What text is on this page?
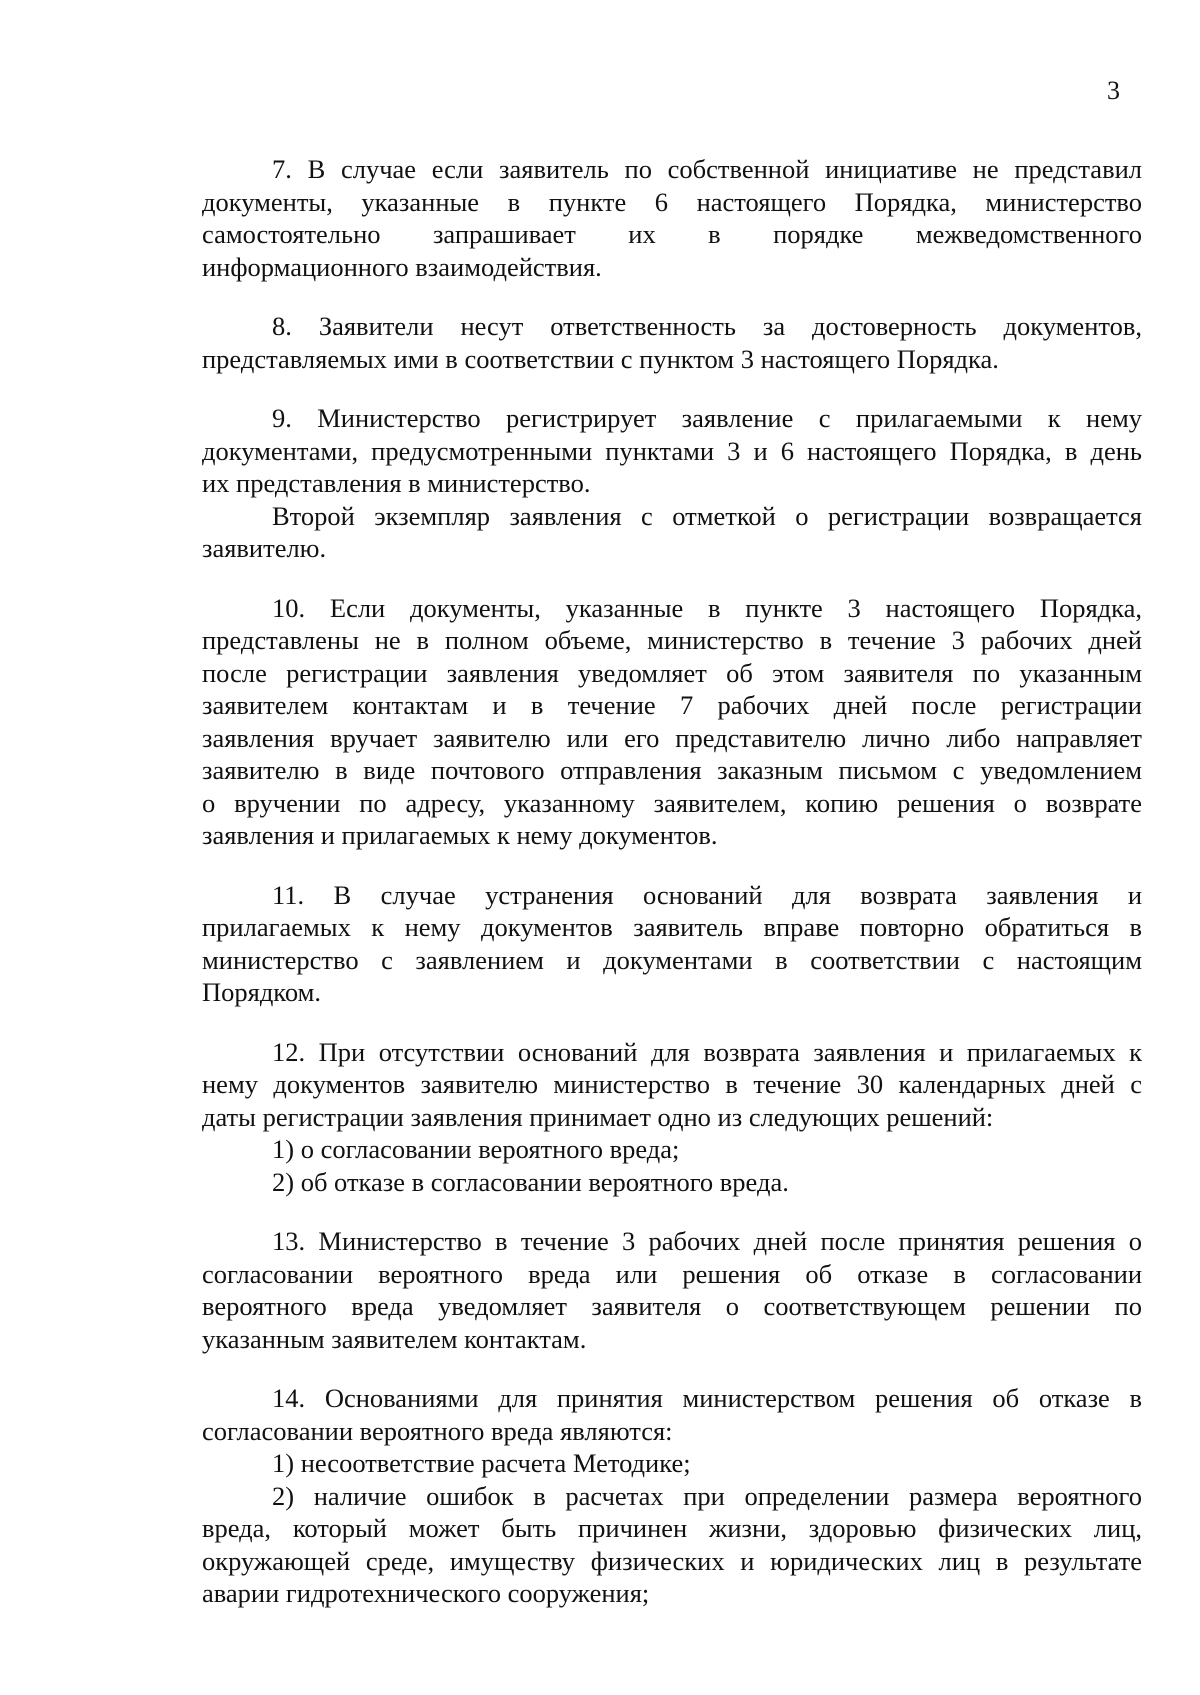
3
7. В случае если заявитель по собственной инициативе не представил
документы, указанные в пункте 6 настоящего Порядка, министерство
самостоятельно запрашивает их в порядке межведомственного
информационного взаимодействия.
8. Заявители несут ответственность за достоверность документов,
представляемых ими в соответствии с пунктом 3 настоящего Порядка.
9. Министерство регистрирует заявление с прилагаемыми к нему
документами, предусмотренными пунктами 3 и 6 настоящего Порядка, в день
их представления в министерство.
Второй экземпляр заявления с отметкой о регистрации возвращается
заявителю.
10. Если документы, указанные в пункте 3 настоящего Порядка,
представлены не в полном объеме, министерство в течение 3 рабочих дней
после регистрации заявления уведомляет об этом заявителя по указанным
заявителем контактам и в течение 7 рабочих дней после регистрации
заявления вручает заявителю или его представителю лично либо направляет
заявителю в виде почтового отправления заказным письмом с уведомлением
о вручении по адресу, указанному заявителем, копию решения о возврате
заявления и прилагаемых к нему документов.
11. В случае устранения оснований для возврата заявления и
прилагаемых к нему документов заявитель вправе повторно обратиться в
министерство с заявлением и документами в соответствии с настоящим
Порядком.
12. При отсутствии оснований для возврата заявления и прилагаемых к
нему документов заявителю министерство в течение 30 календарных дней с
даты регистрации заявления принимает одно из следующих решений:
1) о согласовании вероятного вреда;
2) об отказе в согласовании вероятного вреда.
13. Министерство в течение 3 рабочих дней после принятия решения о
согласовании вероятного вреда или решения об отказе в согласовании
вероятного вреда уведомляет заявителя о соответствующем решении по
указанным заявителем контактам.
14. Основаниями для принятия министерством решения об отказе в
согласовании вероятного вреда являются:
1) несоответствие расчета Методике;
2) наличие ошибок в расчетах при определении размера вероятного
вреда, который может быть причинен жизни, здоровью физических лиц,
окружающей среде, имуществу физических и юридических лиц в результате
аварии гидротехнического сооружения;
